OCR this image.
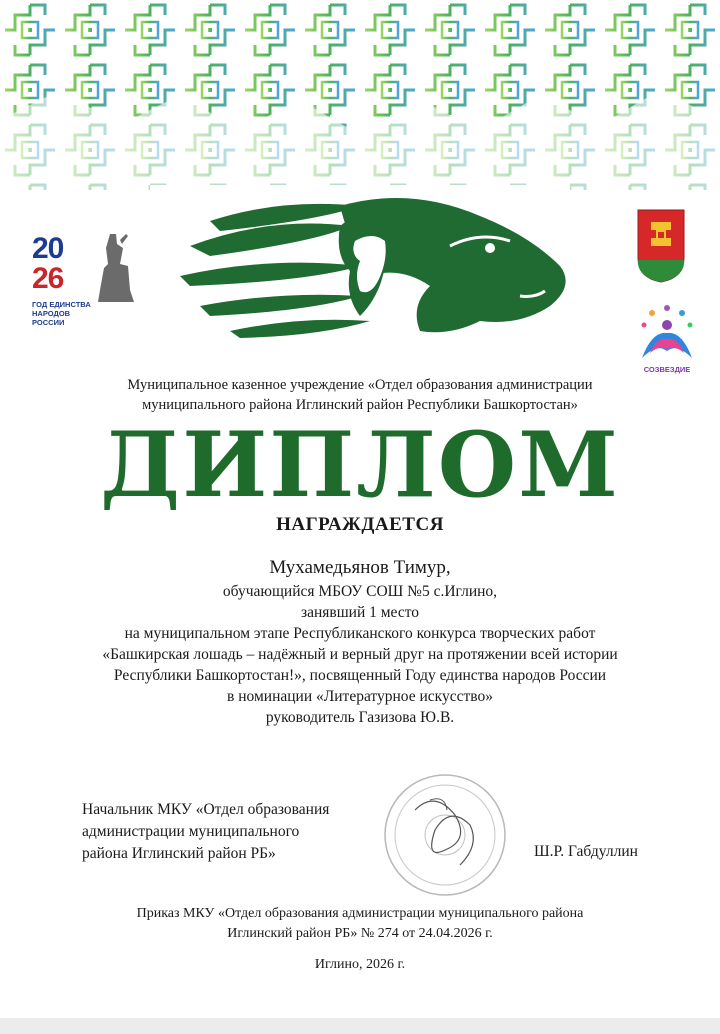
20
26
ГОД ЕДИНСТВА
НАРОДОВ РОССИИ
СОЗВЕЗДИЕ
Муниципальное казенное учреждение «Отдел образования администрации
муниципального района Иглинский район Республики Башкортостан»
ДИПЛОМ
НАГРАЖДАЕТСЯ
Мухамедьянов Тимур,
обучающийся МБОУ СОШ №5 с.Иглино,
занявший 1 место
на муниципальном этапе Республиканского конкурса творческих работ
«Башкирская лошадь – надёжный и верный друг на протяжении всей истории
Республики Башкортостан!», посвященный Году единства народов России
в номинации «Литературное искусство»
руководитель Газизова Ю.В.
Начальник МКУ «Отдел образования
администрации муниципального
района Иглинский район РБ»	Ш.Р. Габдуллин
Приказ МКУ «Отдел образования администрации муниципального района
Иглинский район РБ» № 274 от 24.04.2026 г.
Иглино, 2026 г.
